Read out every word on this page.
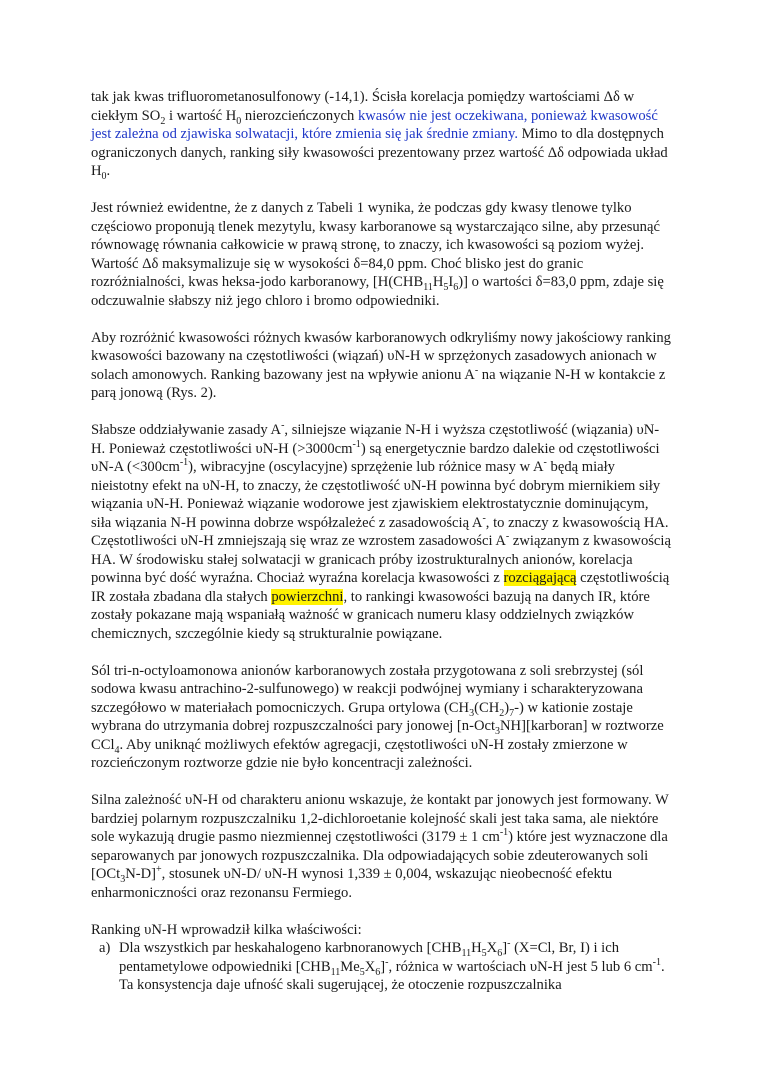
tak jak kwas trifluorometanosulfonowy (-14,1). Ścisła korelacja pomiędzy wartościami Δδ w ciekłym $SO_2$ i wartość $H_0$ nierozcieńczonych kwasów nie jest oczekiwana, ponieważ kwasowość jest zależna od zjawiska solwatacji, które zmienia się jak średnie zmiany. Mimo to dla dostępnych ograniczonych danych, ranking siły kwasowości prezentowany przez wartość Δδ odpowiada układ $H_0$.

Jest również ewidentne, że z danych z Tabeli 1 wynika, że podczas gdy kwasy tlenowe tylko częściowo proponują tlenek mezytylu, kwasy karboranowe są wystarczająco silne, aby przesunąć równowagę równania całkowicie w prawą stronę, to znaczy, ich kwasowości są poziom wyżej. Wartość Δδ maksymalizuje się w wysokości δ=84,0 ppm. Choć blisko jest do granic rozróżnialności, kwas heksa-jodo karboranowy, $[H(CHB_{11}H_5I_6)]$ o wartości δ=83,0 ppm, zdaje się odczuwalnie słabszy niż jego chloro i bromo odpowiedniki.

Aby rozróżnić kwasowości różnych kwasów karboranowych odkryliśmy nowy jakościowy ranking kwasowości bazowany na częstotliwości (wiązań) υN-H w sprzężonych zasadowych anionach w solach amonowych. Ranking bazowany jest na wpływie anionu A- na wiązanie N-H w kontakcie z parą jonową (Rys. 2).

Słabsze oddziaływanie zasady A-, silniejsze wiązanie N-H i wyższa częstotliwość (wiązania) υN-H. Ponieważ częstotliwości υN-H $(>3000cm^{-1})$ są energetycznie bardzo dalekie od częstotliwości υN-A $(<300cm^{-1})$, wibracyjne (oscylacyjne) sprzężenie lub różnice masy w A- będą miały nieistotny efekt na υN-H, to znaczy, że częstotliwość υN-H powinna być dobrym miernikiem siły wiązania υN-H. Ponieważ wiązanie wodorowe jest zjawiskiem elektrostatycznie dominującym, siła wiązania N-H powinna dobrze współzależeć z zasadowością A-, to znaczy z kwasowością HA. Częstotliwości υN-H zmniejszają się wraz ze wzrostem zasadowości A- związanym z kwasowością HA. W środowisku stałej solwatacji w granicach próby izostrukturalnych anionów, korelacja powinna być dość wyraźna. Chociaż wyraźna korelacja kwasowości z rozciągającą częstotliwością IR została zbadana dla stałych powierzchni, to rankingi kwasowości bazują na danych IR, które zostały pokazane mają wspaniałą ważność w granicach numeru klasy oddzielnych związków chemicznych, szczególnie kiedy są strukturalnie powiązane.

Sól tri-n-octyloamonowa anionów karboranowych została przygotowana z soli srebrzystej (sól sodowa kwasu antrachino-2-sulfunowego) w reakcji podwójnej wymiany i scharakteryzowana szczegółowo w materiałach pomocniczych. Grupa ortylowa $(CH_3(CH_2)_7-)$ w kationie zostaje wybrana do utrzymania dobrej rozpuszczalności pary jonowej [n-Oct$_3$NH][karboran] w roztworze CCl$_4$. Aby uniknąć możliwych efektów agregacji, częstotliwości υN-H zostały zmierzone w rozcieńczonym roztworze gdzie nie było koncentracji zależności.

Silna zależność υN-H od charakteru anionu wskazuje, że kontakt par jonowych jest formowany. W bardziej polarnym rozpuszczalniku 1,2-dichloroetanie kolejność skali jest taka sama, ale niektóre sole wykazują drugie pasmo niezmiennej częstotliwości (3179 ± 1 $cm^{-1}$) które jest wyznaczone dla separowanych par jonowych rozpuszczalnika. Dla odpowiadających sobie zdeuterowanych soli [OCt$_3$N-D]+, stosunek υN-D/ υN-H wynosi 1,339 ± 0,004, wskazując nieobecność efektu enharmoniczności oraz rezonansu Fermiego.

Ranking υN-H wprowadził kilka właściwości:
a) Dla wszystkich par heskahalogeno karbnoranowych $[CHB_{11}H_5X_6]^-$ (X=Cl, Br, I) i ich pentametylowe odpowiedniki $[CHB_{11}Me_5X_6]^-$, różnica w wartościach υN-H jest 5 lub 6 $cm^{-1}$. Ta konsystencja daje ufność skali sugerującej, że otoczenie rozpuszczalnika
